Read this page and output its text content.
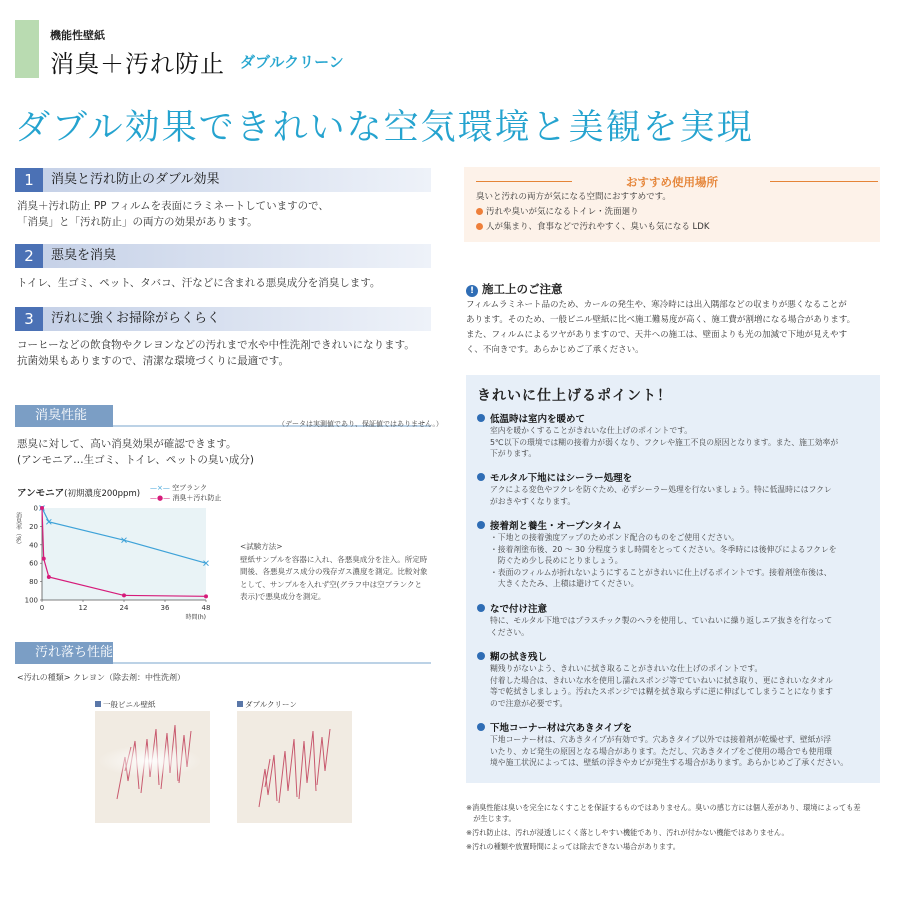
機能性壁紙
消臭＋汚れ防止 ダブルクリーン
ダブル効果できれいな空気環境と美観を実現
1	消臭と汚れ防止のダブル効果
消臭＋汚れ防止 PP フィルムを表面にラミネートしていますので、
「消臭」と「汚れ防止」の両方の効果があります。
2	悪臭を消臭
トイレ、生ゴミ、ペット、タバコ、汗などに含まれる悪臭成分を消臭します。
3	汚れに強くお掃除がらくらく
コーヒーなどの飲食物やクレヨンなどの汚れまで水や中性洗剤できれいになります。
抗菌効果もありますので、清潔な環境づくりに最適です。
消臭性能
（データは実測値であり、保証値ではありません。）
悪臭に対して、高い消臭効果が確認できます。
(アンモニア…生ゴミ、トイレ、ペットの臭い成分)
アンモニア(初期濃度200ppm)
—×— 空ブランク
—●— 消臭＋汚れ防止
0
20
40
60
80
100
0	12	24	36	48
時間(h)
消臭率（%）	<試験方法>
壁紙サンプルを容器に入れ、各悪臭成分を注入。所定時
間後、各悪臭ガス成分の残存ガス濃度を測定。比較対象
として、サンプルを入れず空(グラフ中は空ブランクと
表示)で悪臭成分を測定。
汚れ落ち性能
<汚れの種類> クレヨン（除去剤：中性洗剤）
一般ビニル壁紙	ダブルクリーン
おすすめ使用場所
臭いと汚れの両方が気になる空間におすすめです。
汚れや臭いが気になるトイレ・洗面廻り
人が集まり、食事などで汚れやすく、臭いも気になる LDK
! 施工上のご注意
フィルムラミネート品のため、カールの発生や、寒冷時には出入隅部などの収まりが悪くなることが
あります。そのため、一般ビニル壁紙に比べ施工難易度が高く、施工費が割増になる場合があります。
また、フィルムによるツヤがありますので、天井への施工は、壁面よりも光の加減で下地が見えやす
く、不向きです。あらかじめご了承ください。
きれいに仕上げるポイント！
低温時は室内を暖めて
室内を暖かくすることがきれいな仕上げのポイントです。
5℃以下の環境では糊の接着力が弱くなり、フクレや施工不良の原因となります。また、施工効率が
下がります。
モルタル下地にはシーラー処理を
アクによる変色やフクレを防ぐため、必ずシーラー処理を行ないましょう。特に低温時にはフクレ
がおきやすくなります。
接着剤と養生・オープンタイム
・下地との接着強度アップのためボンド配合のものをご使用ください。
・接着剤塗布後、20 ～ 30 分程度うまし時間をとってください。冬季時には後伸びによるフクレを
　防ぐため少し長めにとりましょう。
・表面のフィルムが折れないようにすることがきれいに仕上げるポイントです。接着剤塗布後は、
　大きくたたみ、上積は避けてください。
なで付け注意
特に、モルタル下地ではプラスチック製のヘラを使用し、ていねいに繰り返しエア抜きを行なって
ください。
糊の拭き残し
糊残りがないよう、きれいに拭き取ることがきれいな仕上げのポイントです。
付着した場合は、きれいな水を使用し濡れスポンジ等でていねいに拭き取り、更にきれいなタオル
等で乾拭きしましょう。汚れたスポンジでは糊を拭き取らずに逆に伸ばしてしまうことになります
ので注意が必要です。
下地コーナー材は穴あきタイプを
下地コーナー材は、穴あきタイプが有効です。穴あきタイプ以外では接着剤が乾燥せず、壁紙が浮
いたり、カビ発生の原因となる場合があります。ただし、穴あきタイプをご使用の場合でも使用環
境や施工状況によっては、壁紙の浮きやカビが発生する場合があります。あらかじめご了承ください。
※消臭性能は臭いを完全になくすことを保証するものではありません。臭いの感じ方には個人差があり、環境によっても差
　が生じます。
※汚れ防止は、汚れが浸透しにくく落としやすい機能であり、汚れが付かない機能ではありません。
※汚れの種類や放置時間によっては除去できない場合があります。
